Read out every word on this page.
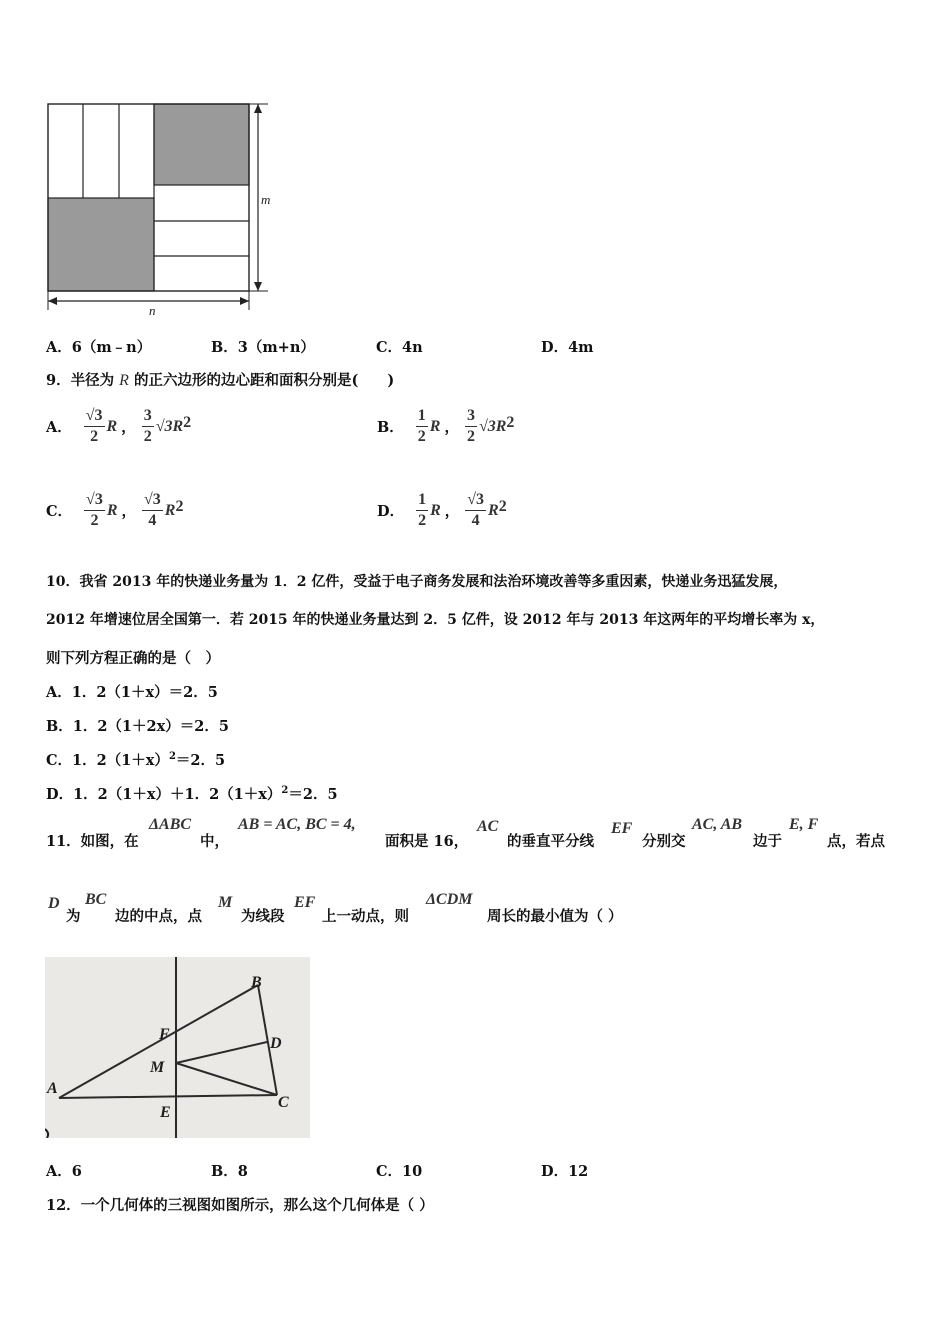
m
n
A．6（m﹣n）	B．3（m+n）	C．4n	D．4m
9．半径为 R 的正六边形的边心距和面积分别是(　　)
A． $\frac{√3}{2}$ R ， $\frac{3}{2} √3R$ 2	B． $\frac{1}{2}$ R ， $\frac{3}{2} √3R$ 2
C． $\frac{√3}{2}$ R ， $\frac{√3}{4}$ R 2	D． $\frac{1}{2}$ R ， $\frac{√3}{4}$ R 2
10．我省 2013 年的快递业务量为 1．2 亿件，受益于电子商务发展和法治环境改善等多重因素，快递业务迅猛发展，
2012 年增速位居全国第一．若 2015 年的快递业务量达到 2．5 亿件，设 2012 年与 2013 年这两年的平均增长率为 x，
则下列方程正确的是（　）
A．1．2（1＋x）＝2．5
B．1．2（1＋2x）＝2．5
C．1．$2(1+x)^2=2$．5
D．1．2（1＋x）＋1．$2(1+x)^2=2$．5
11．如图，在
ΔABC
中，
AB = AC, BC = 4,
面积是 16，
AC
的垂直平分线
EF
分别交
AC, AB
边于
E, F
点，若点
D
为
BC
边的中点，点
M
为线段
EF
上一动点，则
ΔCDM
周长的最小值为（ ）
A
B
C
D
E
F
M
A．6	B．8	C．10	D．12
12．一个几何体的三视图如图所示，那么这个几何体是（ ）
